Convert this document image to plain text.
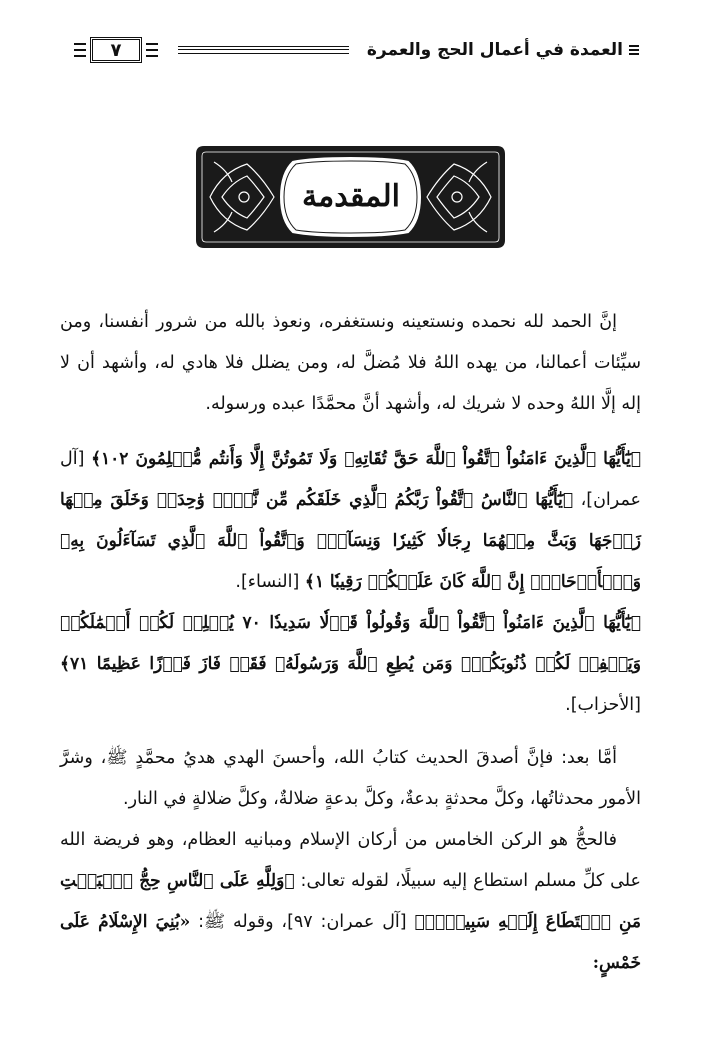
٧	العمدة في أعمال الحج والعمرة
المقدمة

إنَّ الحمد لله نحمده ونستعينه ونستغفره، ونعوذ بالله من شرور أنفسنا، ومن سيِّئات أعمالنا، من يهده اللهُ فلا مُضلَّ له، ومن يضلل فلا هادي له، وأشهد أن لا إله إلَّا اللهُ وحده لا شريك له، وأشهد أنَّ محمَّدًا عبده ورسوله.

﴿يَٰٓأَيُّهَا ٱلَّذِينَ ءَامَنُواْ ٱتَّقُواْ ٱللَّهَ حَقَّ تُقَاتِهِۦ وَلَا تَمُوتُنَّ إِلَّا وَأَنتُم مُّسۡلِمُونَ ١٠٢﴾ [آل عمران]، ﴿يَٰٓأَيُّهَا ٱلنَّاسُ ٱتَّقُواْ رَبَّكُمُ ٱلَّذِي خَلَقَكُم مِّن نَّفۡسٖ وَٰحِدَةٖ وَخَلَقَ مِنۡهَا زَوۡجَهَا وَبَثَّ مِنۡهُمَا رِجَالٗا كَثِيرٗا وَنِسَآءٗۚ وَٱتَّقُواْ ٱللَّهَ ٱلَّذِي تَسَآءَلُونَ بِهِۦ وَٱلۡأَرۡحَامَۚ إِنَّ ٱللَّهَ كَانَ عَلَيۡكُمۡ رَقِيبٗا ١﴾ [النساء].

﴿يَٰٓأَيُّهَا ٱلَّذِينَ ءَامَنُواْ ٱتَّقُواْ ٱللَّهَ وَقُولُواْ قَوۡلٗا سَدِيدٗا ٧٠ يُصۡلِحۡ لَكُمۡ أَعۡمَٰلَكُمۡ وَيَغۡفِرۡ لَكُمۡ ذُنُوبَكُمۡۗ وَمَن يُطِعِ ٱللَّهَ وَرَسُولَهُۥ فَقَدۡ فَازَ فَوۡزًا عَظِيمًا ٧١﴾ [الأحزاب].

أمَّا بعد: فإنَّ أصدقَ الحديث كتابُ الله، وأحسنَ الهدي هديُ محمَّدٍ ﷺ، وشرَّ الأمور محدثاتُها، وكلَّ محدثةٍ بدعةٌ، وكلَّ بدعةٍ ضلالةٌ، وكلَّ ضلالةٍ في النار.

فالحجُّ هو الركن الخامس من أركان الإسلام ومبانيه العظام، وهو فريضة الله على كلِّ مسلم استطاع إليه سبيلًا، لقوله تعالى: ﴿وَلِلَّهِ عَلَى ٱلنَّاسِ حِجُّ ٱلۡبَيۡتِ مَنِ ٱسۡتَطَاعَ إِلَيۡهِ سَبِيلٗاۚ﴾ [آل عمران: ٩٧]، وقوله ﷺ: «بُنِيَ الإِسْلَامُ عَلَى خَمْسٍ:
